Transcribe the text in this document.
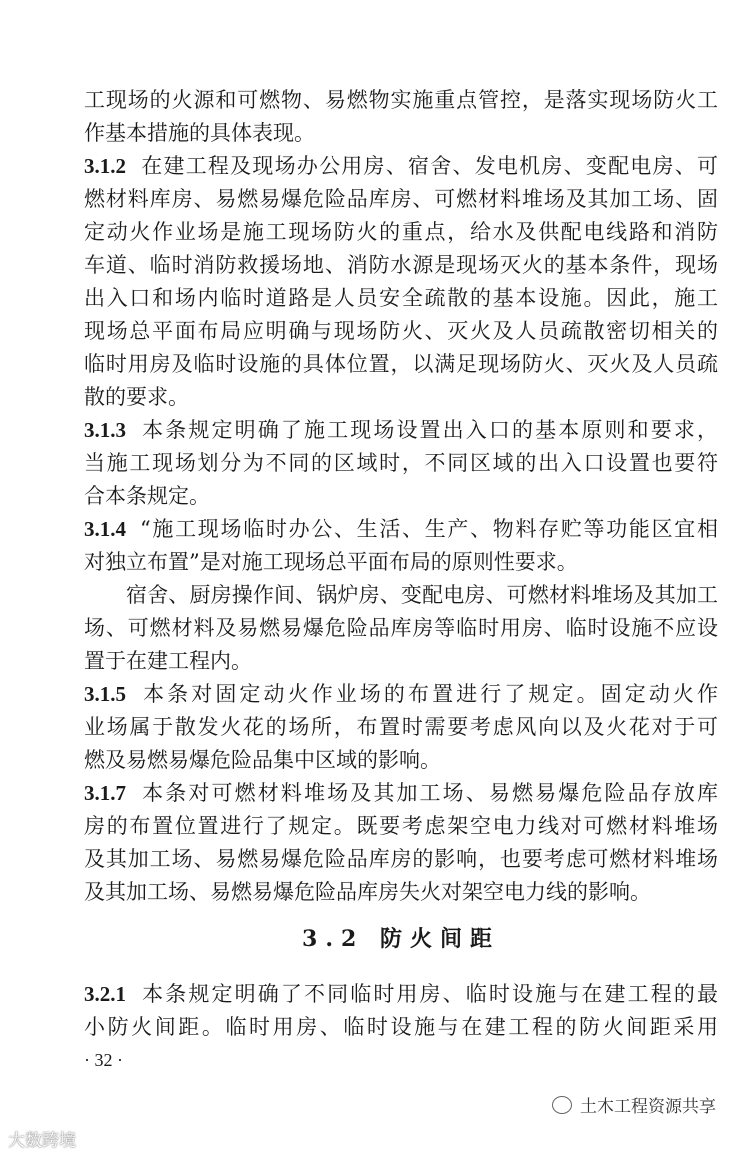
工现场的火源和可燃物、易燃物实施重点管控，是落实现场防火工
作基本措施的具体表现。
3.1.2 在建工程及现场办公用房、宿舍、发电机房、变配电房、可
燃材料库房、易燃易爆危险品库房、可燃材料堆场及其加工场、固
定动火作业场是施工现场防火的重点，给水及供配电线路和消防
车道、临时消防救援场地、消防水源是现场灭火的基本条件，现场
出入口和场内临时道路是人员安全疏散的基本设施。因此，施工
现场总平面布局应明确与现场防火、灭火及人员疏散密切相关的
临时用房及临时设施的具体位置，以满足现场防火、灭火及人员疏
散的要求。
3.1.3 本条规定明确了施工现场设置出入口的基本原则和要求，
当施工现场划分为不同的区域时，不同区域的出入口设置也要符
合本条规定。
3.1.4 “施工现场临时办公、生活、生产、物料存贮等功能区宜相
对独立布置”是对施工现场总平面布局的原则性要求。
宿舍、厨房操作间、锅炉房、变配电房、可燃材料堆场及其加工
场、可燃材料及易燃易爆危险品库房等临时用房、临时设施不应设
置于在建工程内。
3.1.5 本条对固定动火作业场的布置进行了规定。固定动火作
业场属于散发火花的场所，布置时需要考虑风向以及火花对于可
燃及易燃易爆危险品集中区域的影响。
3.1.7 本条对可燃材料堆场及其加工场、易燃易爆危险品存放库
房的布置位置进行了规定。既要考虑架空电力线对可燃材料堆场
及其加工场、易燃易爆危险品库房的影响，也要考虑可燃材料堆场
及其加工场、易燃易爆危险品库房失火对架空电力线的影响。
3.2 防火间距
3.2.1 本条规定明确了不同临时用房、临时设施与在建工程的最
小防火间距。临时用房、临时设施与在建工程的防火间距采用
· 32 ·
土木工程资源共享
大数跨境
